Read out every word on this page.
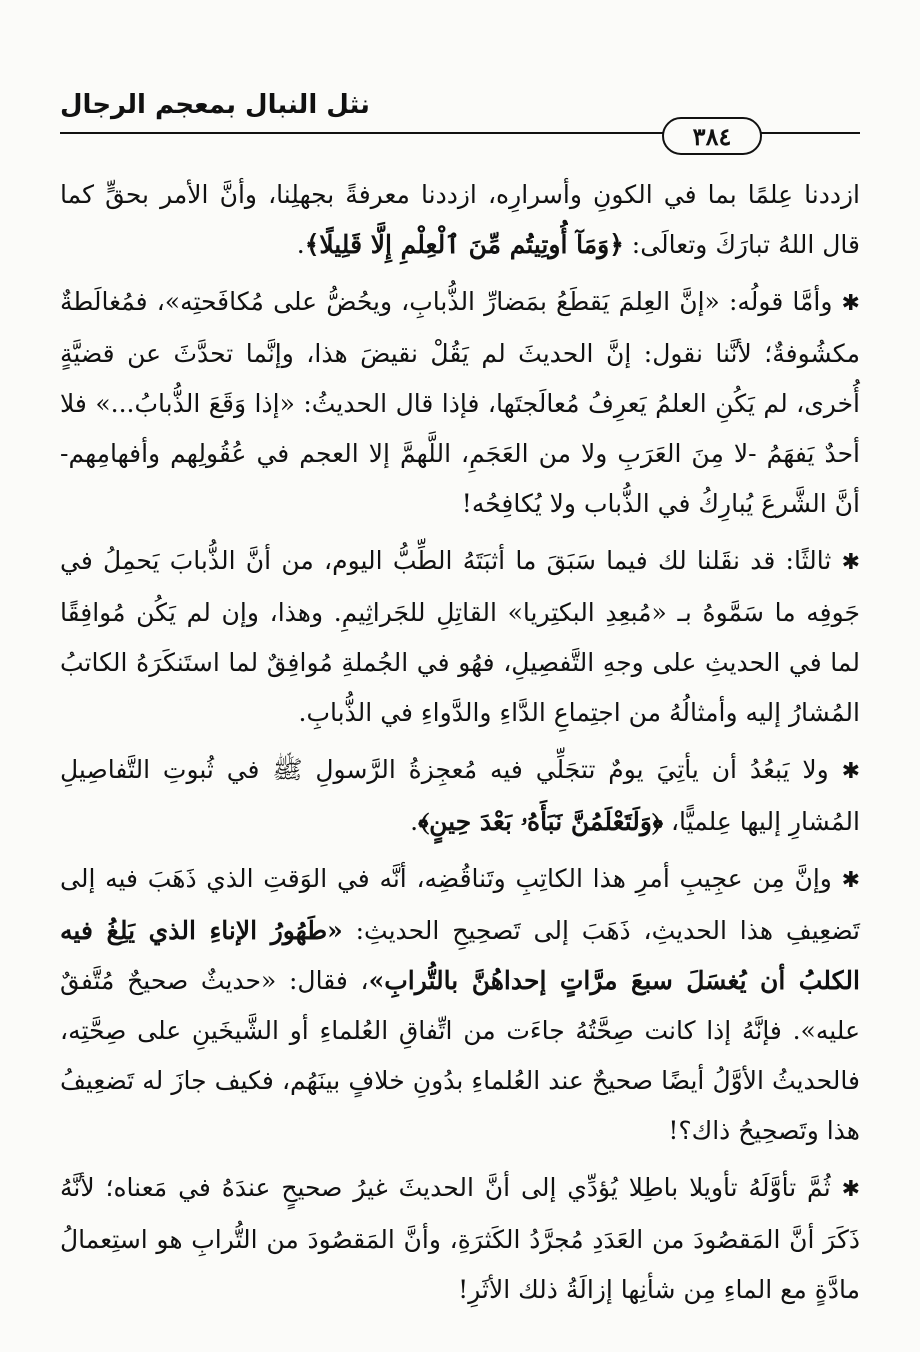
نثل النبال بمعجم الرجال
٣٨٤

ازددنا عِلمًا بما في الكونِ وأسرارِه، ازددنا معرفةً بجهلِنا، وأنَّ الأمر بحقٍّ كما قال اللهُ تبارَكَ وتعالَى: ﴿وَمَآ أُوتِيتُم مِّنَ ٱلْعِلْمِ إِلَّا قَلِيلًا﴾.

✱ وأمَّا قولُه: «إنَّ العِلمَ يَقطَعُ بمَضارِّ الذُّبابِ، ويحُضُّ على مُكافَحتِه»، فمُغالَطةٌ مكشُوفةٌ؛ لأنَّنا نقول: إنَّ الحديثَ لم يَقُلْ نقيضَ هذا، وإنَّما تحدَّثَ عن قضيَّةٍ أُخرى، لم يَكُنِ العلمُ يَعرِفُ مُعالَجتَها، فإذا قال الحديثُ: «إذا وَقَعَ الذُّبابُ...» فلا أحدٌ يَفهَمُ -لا مِنَ العَرَبِ ولا من العَجَمِ، اللَّهمَّ إلا العجم في عُقُولِهم وأفهامِهم- أنَّ الشَّرعَ يُبارِكُ في الذُّباب ولا يُكافِحُه!

✱ ثالثًا: قد نقَلنا لك فيما سَبَقَ ما أثبَتَهُ الطِّبُّ اليوم، من أنَّ الذُّبابَ يَحمِلُ في جَوفِه ما سَمَّوهُ بـ «مُبعِدِ البكتِريا» القاتِلِ للجَراثِيمِ. وهذا، وإن لم يَكُن مُوافِقًا لما في الحديثِ على وجهِ التَّفصِيلِ، فهُو في الجُملةِ مُوافِقٌ لما استَنكَرَهُ الكاتبُ المُشارُ إليه وأمثالُهُ من اجتِماعِ الدَّاءِ والدَّواءِ في الذُّبابِ.

✱ ولا يَبعُدُ أن يأتِيَ يومٌ تتجَلِّي فيه مُعجِزةُ الرَّسولِ ﷺ في ثُبوتِ التَّفاصِيلِ المُشارِ إليها عِلميًّا، ﴿وَلَتَعْلَمُنَّ نَبَأَهُۥ بَعْدَ حِينٍ﴾.

✱ وإنَّ مِن عجِيبِ أمرِ هذا الكاتِبِ وتَناقُضِه، أنَّه في الوَقتِ الذي ذَهَبَ فيه إلى تَضعِيفِ هذا الحديثِ، ذَهَبَ إلى تَصحِيحِ الحديثِ: «طَهُورُ الإناءِ الذي يَلِغُ فيه الكلبُ أن يُغسَلَ سبعَ مرَّاتٍ إحداهُنَّ بالتُّرابِ»، فقال: «حديثٌ صحيحٌ مُتَّفقٌ عليه». فإنَّهُ إذا كانت صِحَّتُهُ جاءَت من اتِّفاقِ العُلماءِ أو الشَّيخَينِ على صِحَّتِه، فالحديثُ الأوَّلُ أيضًا صحيحٌ عند العُلماءِ بدُونِ خلافٍ بينَهُم، فكيف جازَ له تَضعِيفُ هذا وتَصحِيحُ ذاك؟!

✱ ثُمَّ تأوَّلَهُ تأويلا باطِلا يُؤدِّي إلى أنَّ الحديثَ غيرُ صحيحٍ عندَهُ في مَعناه؛ لأنَّهُ ذَكَرَ أنَّ المَقصُودَ من العَدَدِ مُجرَّدُ الكَثرَةِ، وأنَّ المَقصُودَ من التُّرابِ هو استِعمالُ مادَّةٍ مع الماءِ مِن شأنِها إزالَةُ ذلك الأثَرِ!
